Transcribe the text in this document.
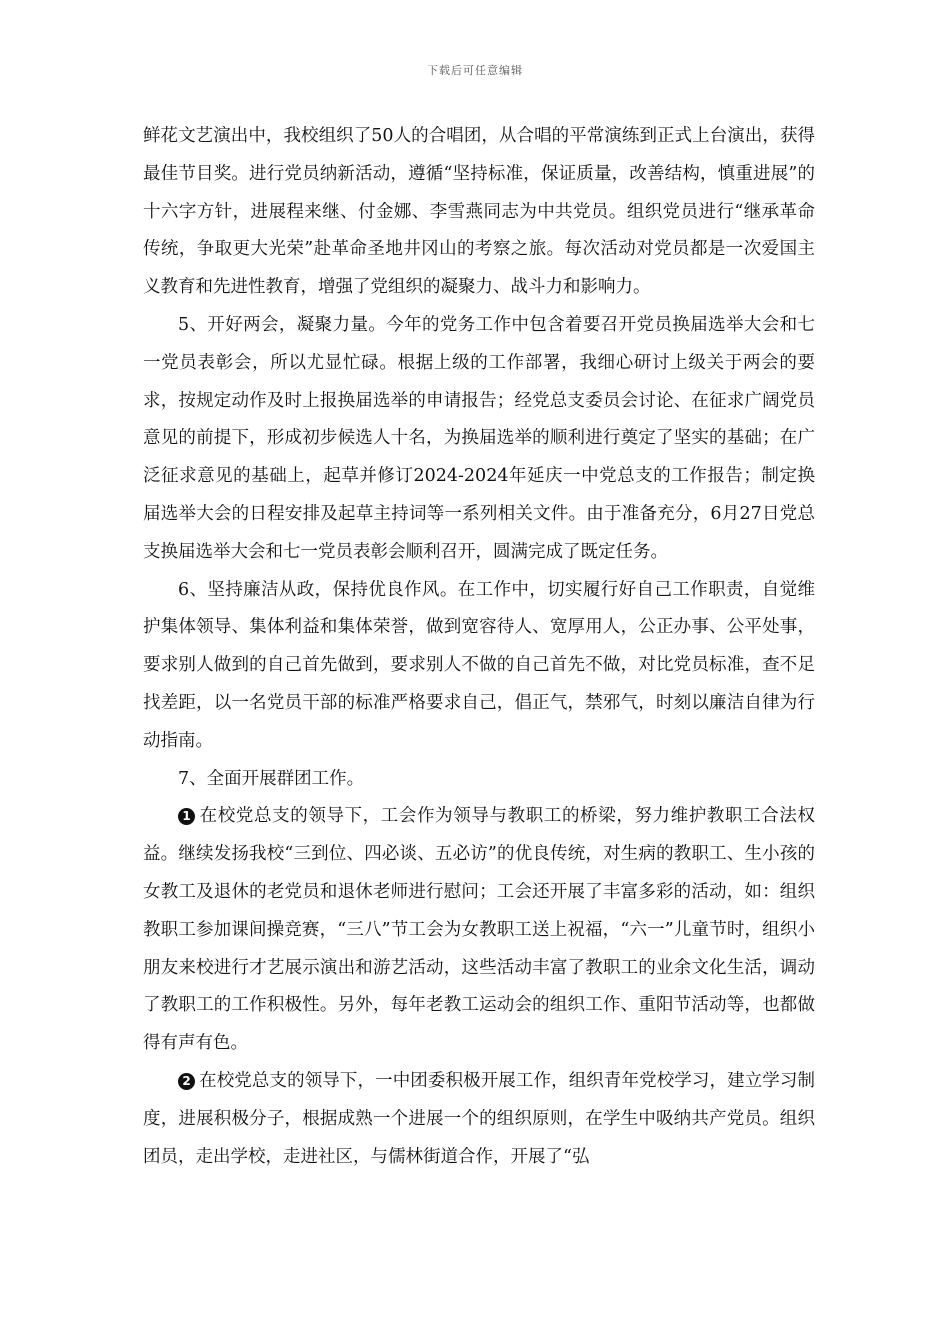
下载后可任意编辑

鲜花文艺演出中，我校组织了50人的合唱团，从合唱的平常演练到正式上台演出，获得最佳节目奖。进行党员纳新活动，遵循“坚持标准，保证质量，改善结构，慎重进展”的十六字方针，进展程来继、付金娜、李雪燕同志为中共党员。组织党员进行“继承革命传统，争取更大光荣”赴革命圣地井冈山的考察之旅。每次活动对党员都是一次爱国主义教育和先进性教育，增强了党组织的凝聚力、战斗力和影响力。

5、开好两会，凝聚力量。今年的党务工作中包含着要召开党员换届选举大会和七一党员表彰会，所以尤显忙碌。根据上级的工作部署，我细心研讨上级关于两会的要求，按规定动作及时上报换届选举的申请报告；经党总支委员会讨论、在征求广阔党员意见的前提下，形成初步候选人十名，为换届选举的顺利进行奠定了坚实的基础；在广泛征求意见的基础上，起草并修订2024-2024年延庆一中党总支的工作报告；制定换届选举大会的日程安排及起草主持词等一系列相关文件。由于准备充分，6月27日党总支换届选举大会和七一党员表彰会顺利召开，圆满完成了既定任务。

6、坚持廉洁从政，保持优良作风。在工作中，切实履行好自己工作职责，自觉维护集体领导、集体利益和集体荣誉，做到宽容待人、宽厚用人，公正办事、公平处事，要求别人做到的自己首先做到，要求别人不做的自己首先不做，对比党员标准，查不足找差距，以一名党员干部的标准严格要求自己，倡正气，禁邪气，时刻以廉洁自律为行动指南。

7、全面开展群团工作。

1 在校党总支的领导下，工会作为领导与教职工的桥梁，努力维护教职工合法权益。继续发扬我校“三到位、四必谈、五必访”的优良传统，对生病的教职工、生小孩的女教工及退休的老党员和退休老师进行慰问；工会还开展了丰富多彩的活动，如：组织教职工参加课间操竞赛，“三八”节工会为女教职工送上祝福，“六一”儿童节时，组织小朋友来校进行才艺展示演出和游艺活动，这些活动丰富了教职工的业余文化生活，调动了教职工的工作积极性。另外，每年老教工运动会的组织工作、重阳节活动等，也都做得有声有色。

2 在校党总支的领导下，一中团委积极开展工作，组织青年党校学习，建立学习制度，进展积极分子，根据成熟一个进展一个的组织原则，在学生中吸纳共产党员。组织团员，走出学校，走进社区，与儒林街道合作，开展了“弘
